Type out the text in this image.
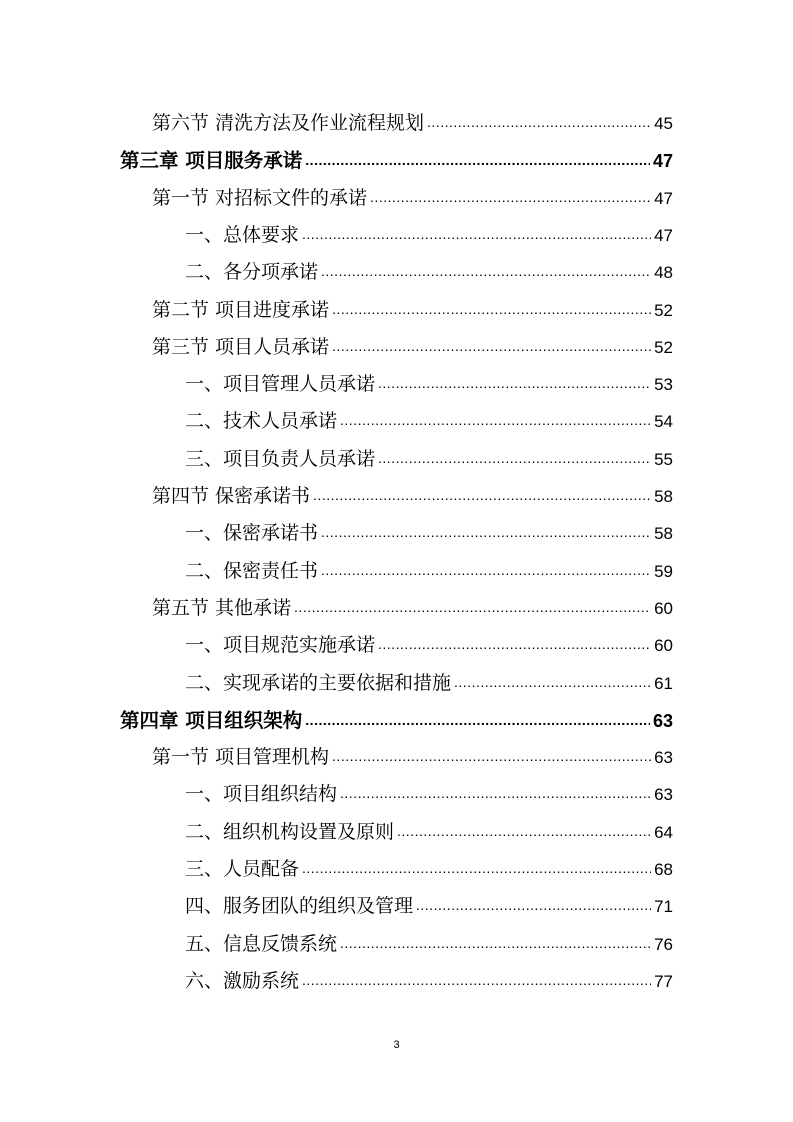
第六节 清洗方法及作业流程规划 .....	45
第三章 项目服务承诺 .....	47
第一节 对招标文件的承诺 .....	47
一、总体要求 .....	47
二、各分项承诺 .....	48
第二节 项目进度承诺 .....	52
第三节 项目人员承诺 .....	52
一、项目管理人员承诺 .....	53
二、技术人员承诺 .....	54
三、项目负责人员承诺 .....	55
第四节 保密承诺书 .....	58
一、保密承诺书 .....	58
二、保密责任书 .....	59
第五节 其他承诺 .....	60
一、项目规范实施承诺 .....	60
二、实现承诺的主要依据和措施 .....	61
第四章 项目组织架构 .....	63
第一节 项目管理机构 .....	63
一、项目组织结构 .....	63
二、组织机构设置及原则 .....	64
三、人员配备 .....	68
四、服务团队的组织及管理 .....	71
五、信息反馈系统 .....	76
六、激励系统 .....	77
3
